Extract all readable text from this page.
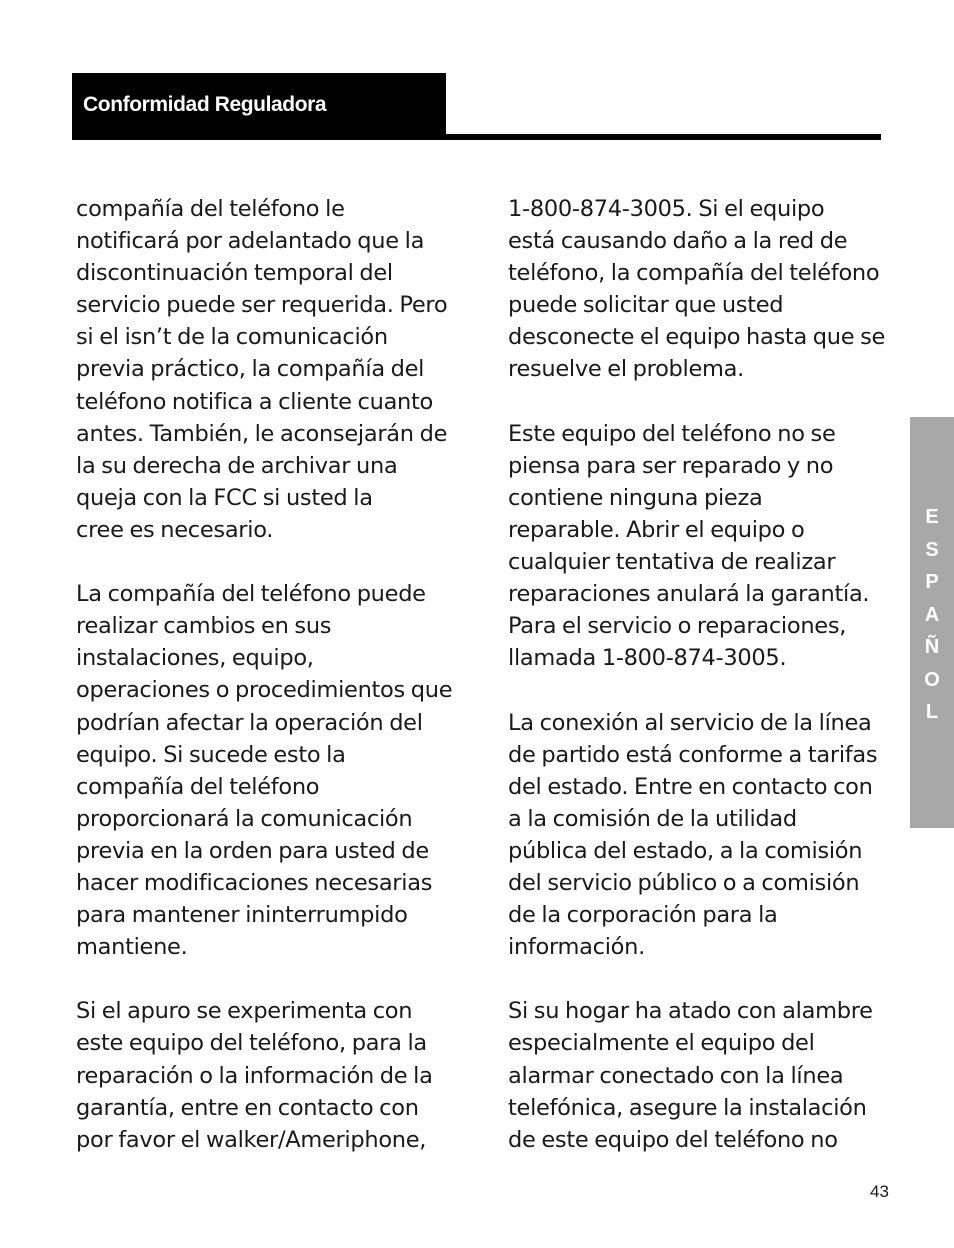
Conformidad Reguladora

compañía del teléfono le
notificará por adelantado que la
discontinuación temporal del
servicio puede ser requerida. Pero
si el isn’t de la comunicación
previa práctico, la compañía del
teléfono notifica a cliente cuanto
antes. También, le aconsejarán de
la su derecha de archivar una
queja con la FCC si usted la
cree es necesario.

La compañía del teléfono puede
realizar cambios en sus
instalaciones, equipo,
operaciones o procedimientos que
podrían afectar la operación del
equipo. Si sucede esto la
compañía del teléfono
proporcionará la comunicación
previa en la orden para usted de
hacer modificaciones necesarias
para mantener ininterrumpido
mantiene.

Si el apuro se experimenta con
este equipo del teléfono, para la
reparación o la información de la
garantía, entre en contacto con
por favor el walker/Ameriphone,

1-800-874-3005. Si el equipo
está causando daño a la red de
teléfono, la compañía del teléfono
puede solicitar que usted
desconecte el equipo hasta que se
resuelve el problema.

Este equipo del teléfono no se
piensa para ser reparado y no
contiene ninguna pieza
reparable. Abrir el equipo o
cualquier tentativa de realizar
reparaciones anulará la garantía.
Para el servicio o reparaciones,
llamada 1-800-874-3005.

La conexión al servicio de la línea
de partido está conforme a tarifas
del estado. Entre en contacto con
a la comisión de la utilidad
pública del estado, a la comisión
del servicio público o a comisión
de la corporación para la
información.

Si su hogar ha atado con alambre
especialmente el equipo del
alarmar conectado con la línea
telefónica, asegure la instalación
de este equipo del teléfono no

E
S
P
A
Ñ
O
L
43
